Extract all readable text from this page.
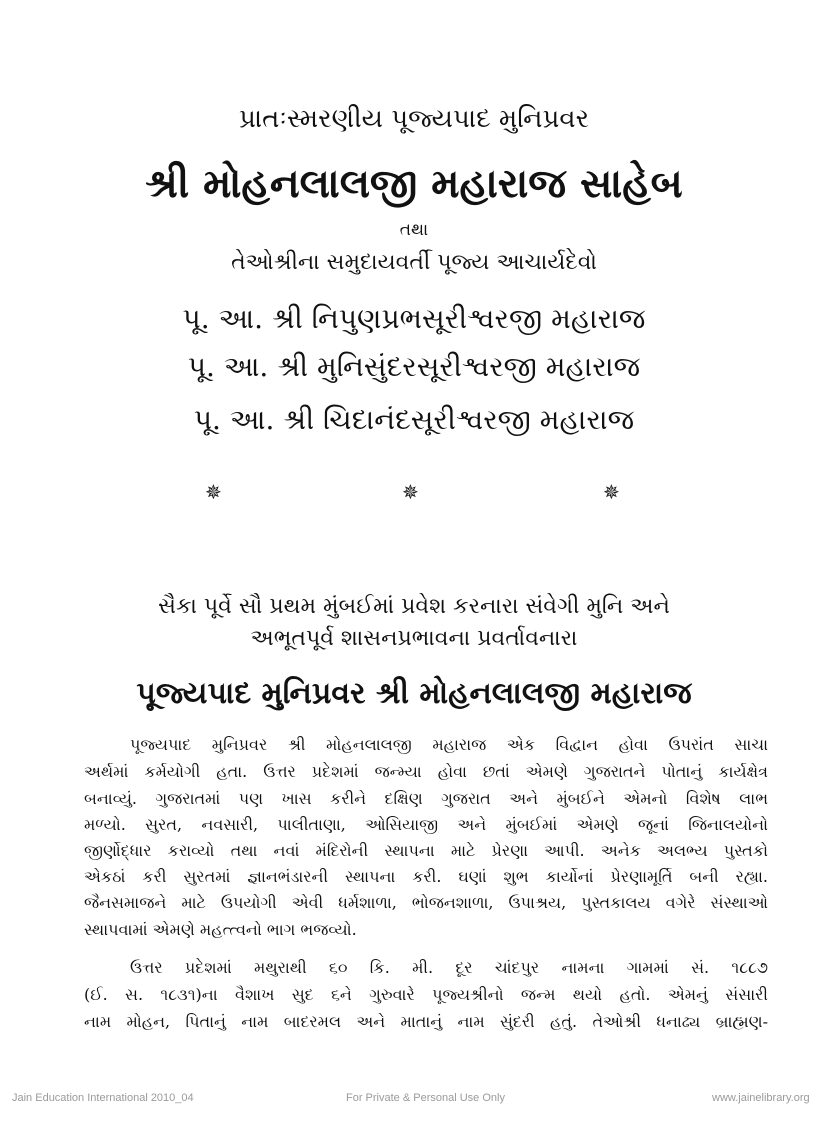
પ્રાતઃસ્મરણીય પૂજ્યપાદ મુનિપ્રવર
શ્રી મોહનલાલજી મહારાજ સાહેબ
તથા
તેઓશ્રીના સમુદાયવર્તી પૂજ્ય આચાર્યદેવો
પૂ. આ. શ્રી નિપુણપ્રભસૂરીશ્વરજી મહારાજ
પૂ. આ. શ્રી મુનિસુંદરસૂરીશ્વરજી મહારાજ
પૂ. આ. શ્રી ચિદાનંદસૂરીશ્વરજી મહારાજ
✵	✵	✵
સૈકા પૂર્વે સૌ પ્રથમ મુંબઈમાં પ્રવેશ કરનારા સંવેગી મુનિ અને
અભૂતપૂર્વ શાસનપ્રભાવના પ્રવર્તાવનારા
પૂજ્યપાદ મુનિપ્રવર શ્રી મોહનલાલજી મહારાજ
પૂજ્યપાદ મુનિપ્રવર શ્રી મોહનલાલજી મહારાજ એક વિદ્વાન હોવા ઉપરાંત સાચા
અર્થમાં કર્મયોગી હતા. ઉત્તર પ્રદેશમાં જન્મ્યા હોવા છતાં એમણે ગુજરાતને પોતાનું કાર્યક્ષેત્ર
બનાવ્યું. ગુજરાતમાં પણ ખાસ કરીને દક્ષિણ ગુજરાત અને મુંબઈને એમનો વિશેષ લાભ
મળ્યો. સુરત, નવસારી, પાલીતાણા, ઓસિયાજી અને મુંબઈમાં એમણે જૂનાં જિનાલયોનો
જીર્ણોદ્ધાર કરાવ્યો તથા નવાં મંદિરોની સ્થાપના માટે પ્રેરણા આપી. અનેક અલભ્ય પુસ્તકો
એકઠાં કરી સુરતમાં જ્ઞાનભંડારની સ્થાપના કરી. ઘણાં શુભ કાર્યોનાં પ્રેરણામૂર્તિ બની રહ્યા.
જૈનસમાજને માટે ઉપયોગી એવી ધર્મશાળા, ભોજનશાળા, ઉપાશ્રય, પુસ્તકાલય વગેરે સંસ્થાઓ
સ્થાપવામાં એમણે મહત્ત્વનો ભાગ ભજવ્યો.
ઉત્તર પ્રદેશમાં મથુરાથી ૬૦ કિ. મી. દૂર ચાંદપુર નામના ગામમાં સં. ૧૮૮૭
(ઈ. સ. ૧૮૩૧)ના વૈશાખ સુદ ૬ને ગુરુવારે પૂજ્યશ્રીનો જન્મ થયો હતો. એમનું સંસારી
નામ મોહન, પિતાનું નામ બાદરમલ અને માતાનું નામ સુંદરી હતું. તેઓશ્રી ધનાઢ્ય બ્રાહ્મણ-
Jain Education International 2010_04	For Private & Personal Use Only	www.jainelibrary.org
